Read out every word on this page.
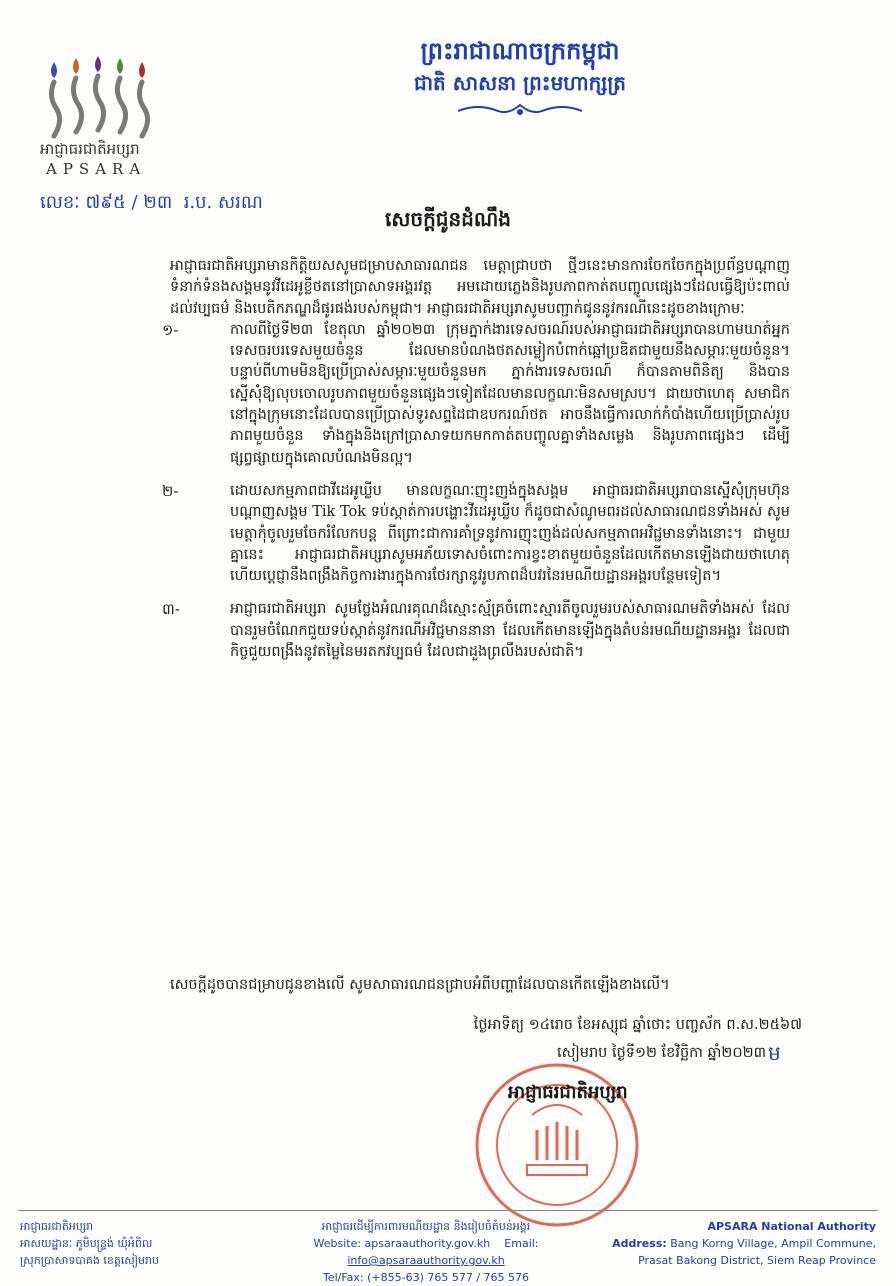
អាជ្ញាធរជាតិអប្សរា
APSARA
ព្រះរាជាណាចក្រកម្ពុជា
ជាតិ សាសនា ព្រះមហាក្សត្រ
លេខៈ ៧៩៥ / ២៣ ​ រ.ប. សរណ
សេចក្តីជូនដំណឹង

អាជ្ញាធរជាតិអប្សរាមានកិត្តិយសសូមជម្រាបសាធារណជន មេត្តាជ្រាបថា ថ្មីៗនេះមានការចែកចែកក្នុងប្រព័ន្ធបណ្តាញទំនាក់ទំនងសង្គមនូវវីដេអូខ្លីថតនៅប្រាសាទអង្គរវត្ត អមដោយភ្លេងនិងរូបភាពកាត់តបញ្ចូលផ្សេងៗដែលធ្វើឱ្យប៉ះពាល់ដល់វប្បធម៌ និងបេតិកភណ្ឌដ៏ផូរផង់របស់កម្ពុជា។ អាជ្ញាធរជាតិអប្សរាសូមបញ្ជាក់ជូននូវករណីនេះដូចខាងក្រោមៈ

១-	កាលពីថ្ងៃទី២៣ ខែតុលា ឆ្នាំ២០២៣ ក្រុមភ្នាក់ងារទេសចរណ៍របស់អាជ្ញាធរជាតិអប្សរាបានហាមឃាត់អ្នកទេសចរបរទេសមួយចំនួន ដែលមានបំណងថតសម្លៀកបំពាក់ឆ្អៅប្រឌិតជាមួយនឹងសម្ភារៈមួយចំនួន។ បន្ទាប់ពីហាមមិនឱ្យប្រើប្រាស់សម្ភារៈមួយចំនួនមក ភ្នាក់ងារទេសចរណ៍ ក៏បានតាមពិនិត្យ និងបានស្នើសុំឱ្យលុបចោលរូបភាពមួយចំនួនផ្សេងៗទៀតដែលមានលក្ខណៈមិនសមស្រប។ ជាយថាហេតុ សមាជិកនៅក្នុងក្រុមនោះដែលបានប្រើប្រាស់ទូរសព្ទដៃជាឧបករណ៍ថត អាចនឹងធ្វើការលាក់កំបាំងហើយប្រើប្រាស់រូបភាពមួយចំនួន ទាំងក្នុងនិងក្រៅប្រាសាទយកមកកាត់តបញ្ចូលគ្នាទាំងសម្លេង និងរូបភាពផ្សេងៗ ដើម្បីផ្សព្វផ្សាយក្នុងគោលបំណងមិនល្អ។

២-	ដោយសកម្មភាពជាវីដេអូឃ្លីប មានលក្ខណៈញុះញង់ក្នុងសង្គម អាជ្ញាធរជាតិអប្សរាបានស្នើសុំក្រុមហ៊ុនបណ្តាញសង្គម Tik Tok ទប់ស្កាត់ការបង្ហោះវីដេអូឃ្លីប ក៏ដូចជាសំណូមពរដល់សាធារណជនទាំងអស់ សូមមេត្តាកុំចូលរួមចែករំលែកបន្ត ពីព្រោះជាការគាំទ្រនូវការញុះញង់ដល់សកម្មភាពអវិជ្ជមានទាំងនោះ។ ជាមួយគ្នានេះ អាជ្ញាធរជាតិអប្សរាសូមអភ័យទោសចំពោះការខ្វះខាតមួយចំនួនដែលកើតមានឡើងជាយថាហេតុ ហើយប្តេជ្ញានឹងពង្រឹងកិច្ចការងារក្នុងការថែរក្សានូវរូបភាពដ៏បវរនៃរមណីយដ្ឋានអង្គរបន្ថែមទៀត។

៣-	អាជ្ញាធរជាតិអប្សរា សូមថ្លែងអំណរគុណដ៏ស្មោះស្ម័គ្រចំពោះស្មារតីចូលរួមរបស់សាធារណមតិទាំងអស់ ដែលបានរួមចំណែកជួយទប់ស្កាត់នូវករណីអវិជ្ជមាននានា ដែលកើតមានឡើងក្នុងតំបន់រមណីយដ្ឋានអង្គរ ដែលជាកិច្ចជួយពង្រឹងនូវតម្លៃនៃមរតកវប្បធម៌ ដែលជាដួងព្រលឹងរបស់ជាតិ។

សេចក្តីដូចបានជម្រាបជូនខាងលើ សូមសាធារណជនជ្រាបអំពីបញ្ហាដែលបានកើតឡើងខាងលើ។
ថ្ងៃអាទិត្យ ១៤រោច ខែអស្សុជ ឆ្នាំថោះ បញ្ចស័ក ព.ស.២៥៦៧
សៀមរាប ថ្ងៃទី១២ ខែវិច្ឆិកា ឆ្នាំ២០២៣ ម
អាជ្ញាធរជាតិអប្សរា
អាជ្ញាធរជាតិអប្សរា
អាសយដ្ឋានៈ ភូមិបន្ទ្រង់ ឃុំអំពិល
ស្រុកប្រាសាទបាគង ខេត្តសៀមរាប
អាជ្ញាធរដើម្បីការពារមណីយដ្ឋាន និងរៀបចំតំបន់អង្គរ
Website: apsaraauthority.gov.kh Email: info@apsaraauthority.gov.kh
Tel/Fax: (+855-63) 765 577 / 765 576
APSARA National Authority
Address: Bang Korng Village, Ampil Commune,
Prasat Bakong District, Siem Reap Province
